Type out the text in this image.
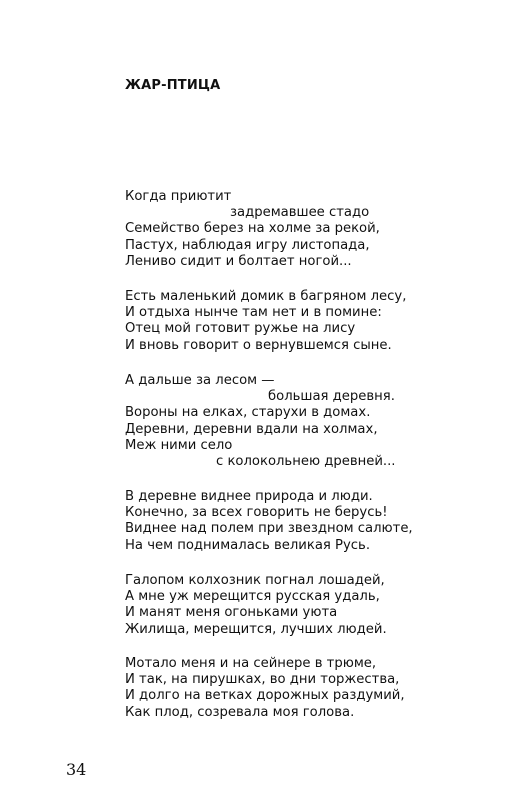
ЖАР-ПТИЦА
Когда приютит
задремавшее стадо
Семейство берез на холме за рекой,
Пастух, наблюдая игру листопада,
Лениво сидит и болтает ногой...
Есть маленький домик в багряном лесу,
И отдыха нынче там нет и в помине:
Отец мой готовит ружье на лису
И вновь говорит о вернувшемся сыне.
А дальше за лесом —
большая деревня.
Вороны на елках, старухи в домах.
Деревни, деревни вдали на холмах,
Меж ними село
с колокольнею древней...
В деревне виднее природа и люди.
Конечно, за всех говорить не берусь!
Виднее над полем при звездном салюте,
На чем поднималась великая Русь.
Галопом колхозник погнал лошадей,
А мне уж мерещится русская удаль,
И манят меня огоньками уюта
Жилища, мерещится, лучших людей.
Мотало меня и на сейнере в трюме,
И так, на пирушках, во дни торжества,
И долго на ветках дорожных раздумий,
Как плод, созревала моя голова.
34
